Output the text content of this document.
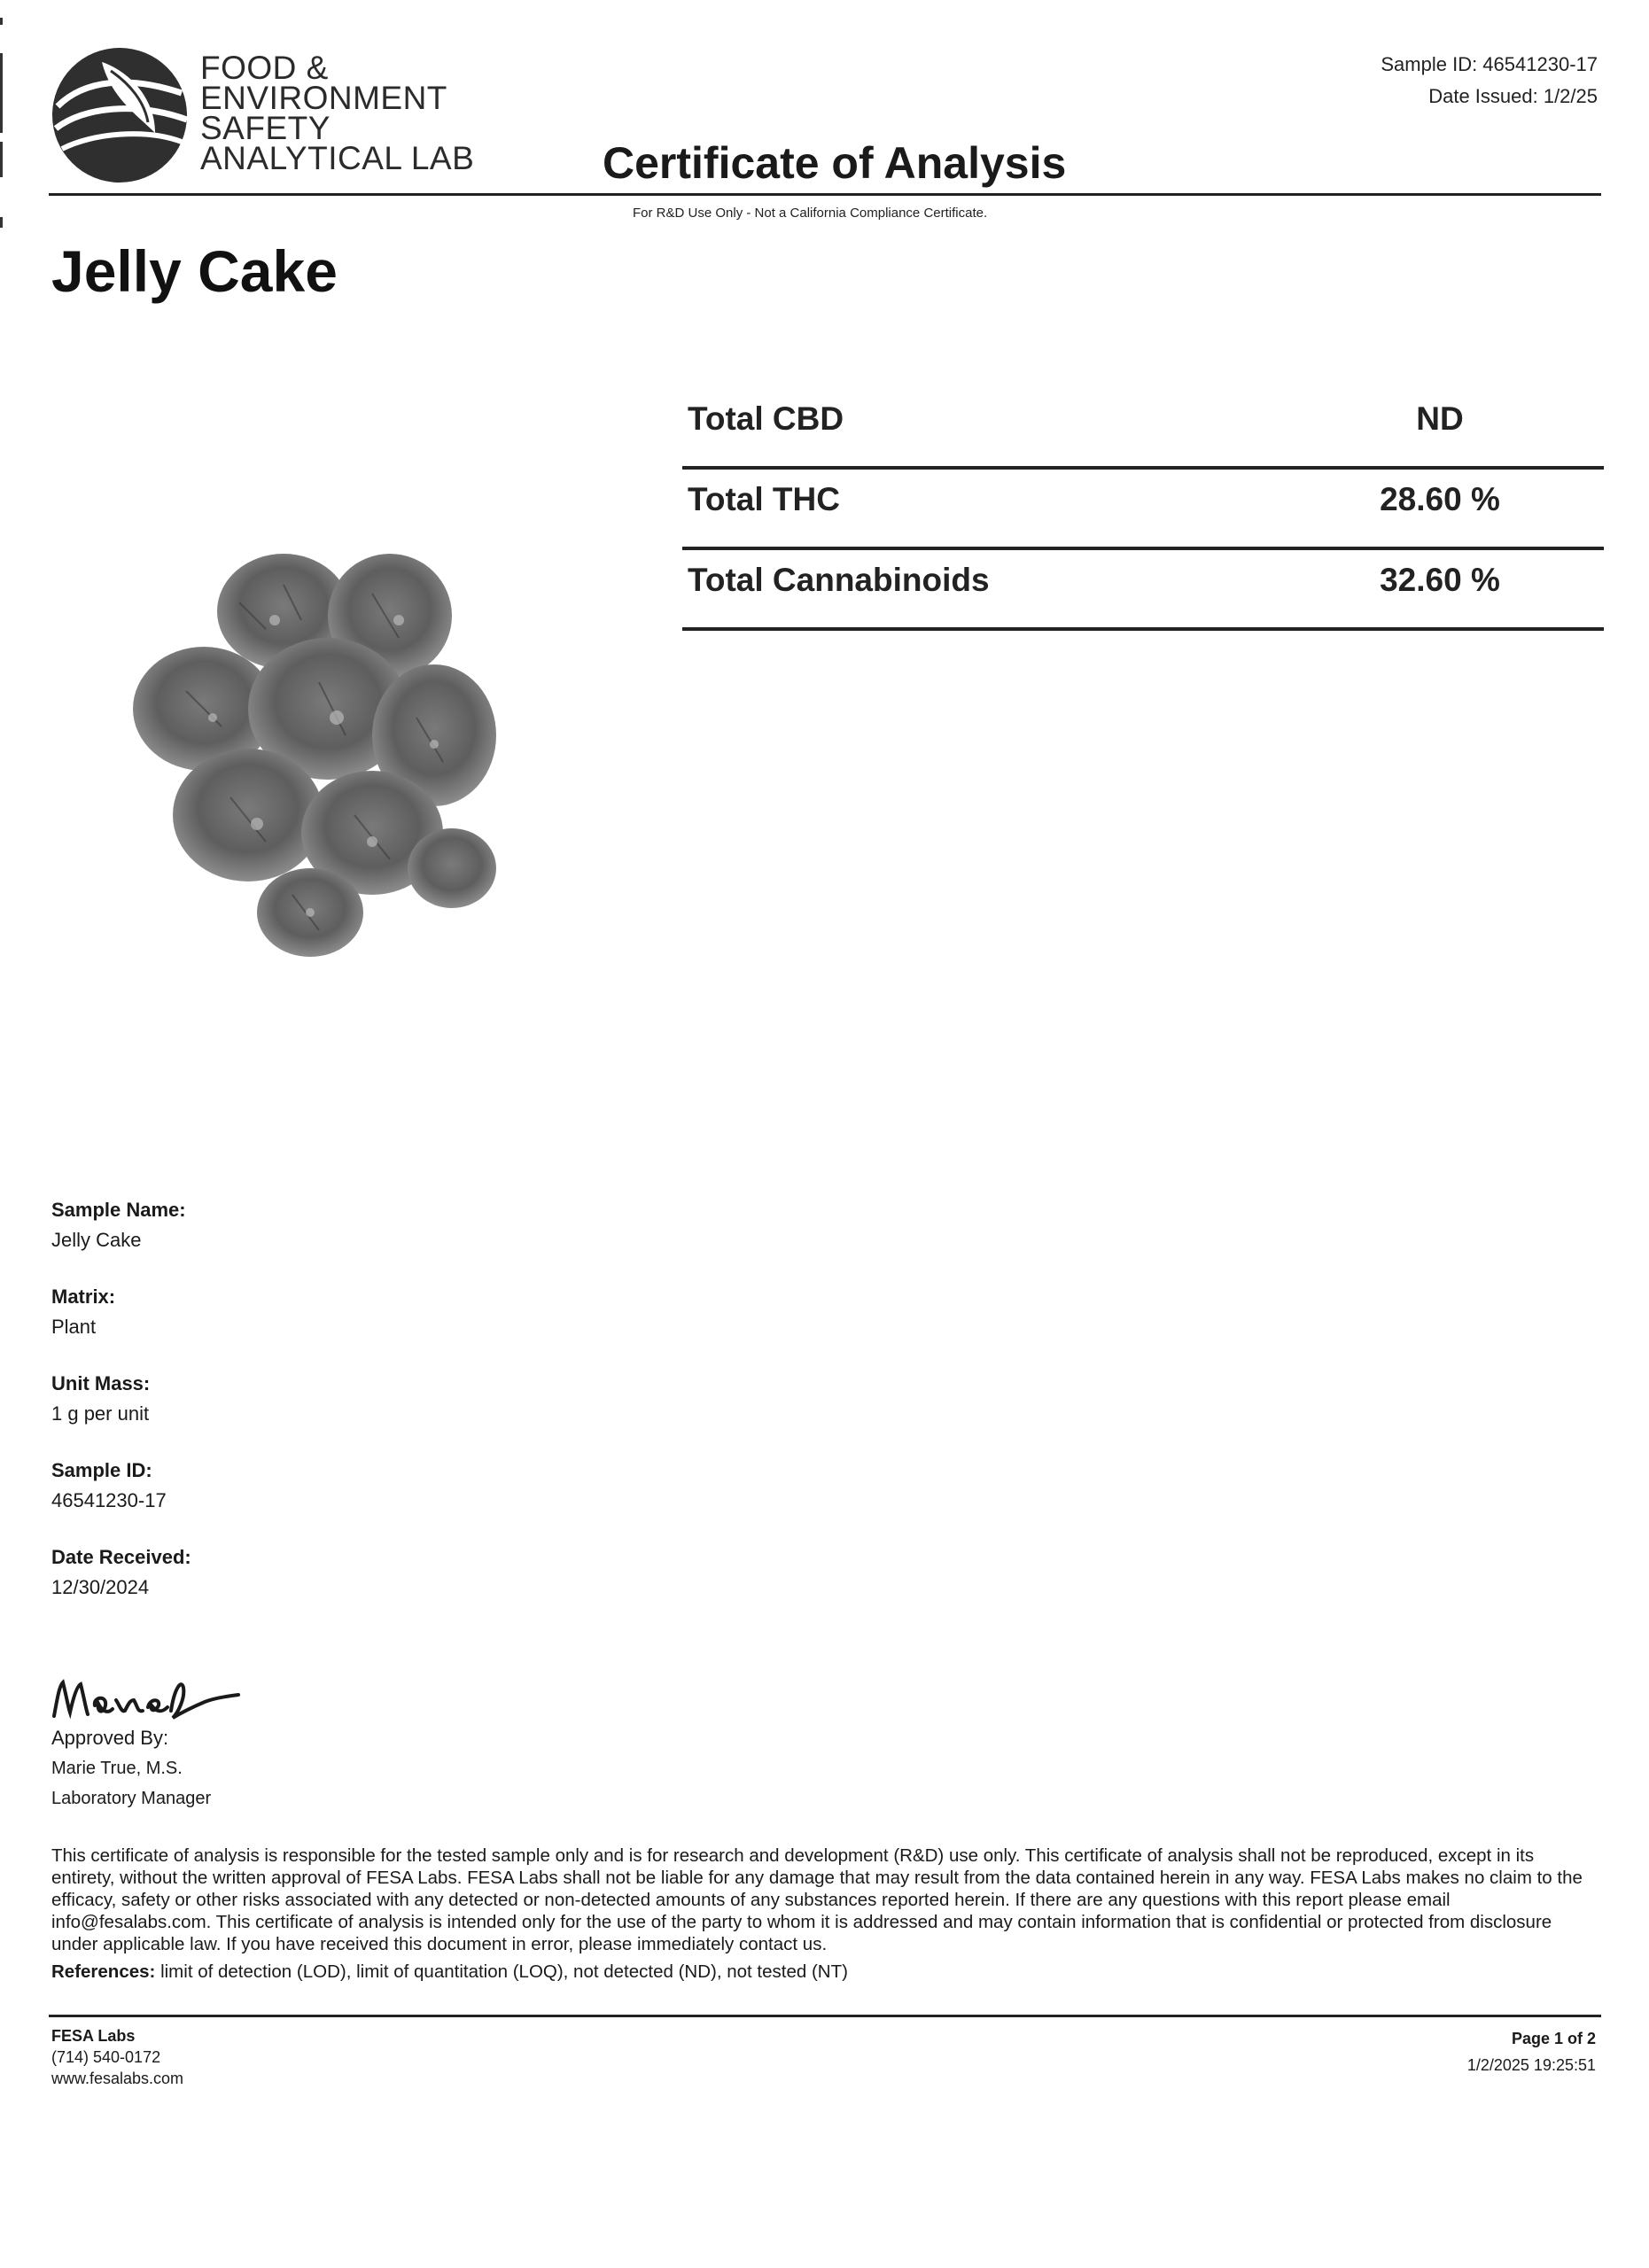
FOOD &
ENVIRONMENT
SAFETY
ANALYTICAL LAB
Sample ID: 46541230-17
Date Issued: 1/2/25
Certificate of Analysis
For R&D Use Only - Not a California Compliance Certificate.
Jelly Cake
Total CBD	ND
Total THC	28.60 %
Total Cannabinoids	32.60 %
Sample Name:
Jelly Cake
Matrix:
Plant
Unit Mass:
1 g per unit
Sample ID:
46541230-17
Date Received:
12/30/2024
Approved By:
Marie True, M.S.
Laboratory Manager
This certificate of analysis is responsible for the tested sample only and is for research and development (R&D) use only. This certificate of analysis shall not be reproduced, except in its entirety, without the written approval of FESA Labs. FESA Labs shall not be liable for any damage that may result from the data contained herein in any way. FESA Labs makes no claim to the efficacy, safety or other risks associated with any detected or non-detected amounts of any substances reported herein. If there are any questions with this report please email info@fesalabs.com. This certificate of analysis is intended only for the use of the party to whom it is addressed and may contain information that is confidential or protected from disclosure under applicable law. If you have received this document in error, please immediately contact us.
References: limit of detection (LOD), limit of quantitation (LOQ), not detected (ND), not tested (NT)
FESA Labs
(714) 540-0172
www.fesalabs.com
Page 1 of 2
1/2/2025 19:25:51
